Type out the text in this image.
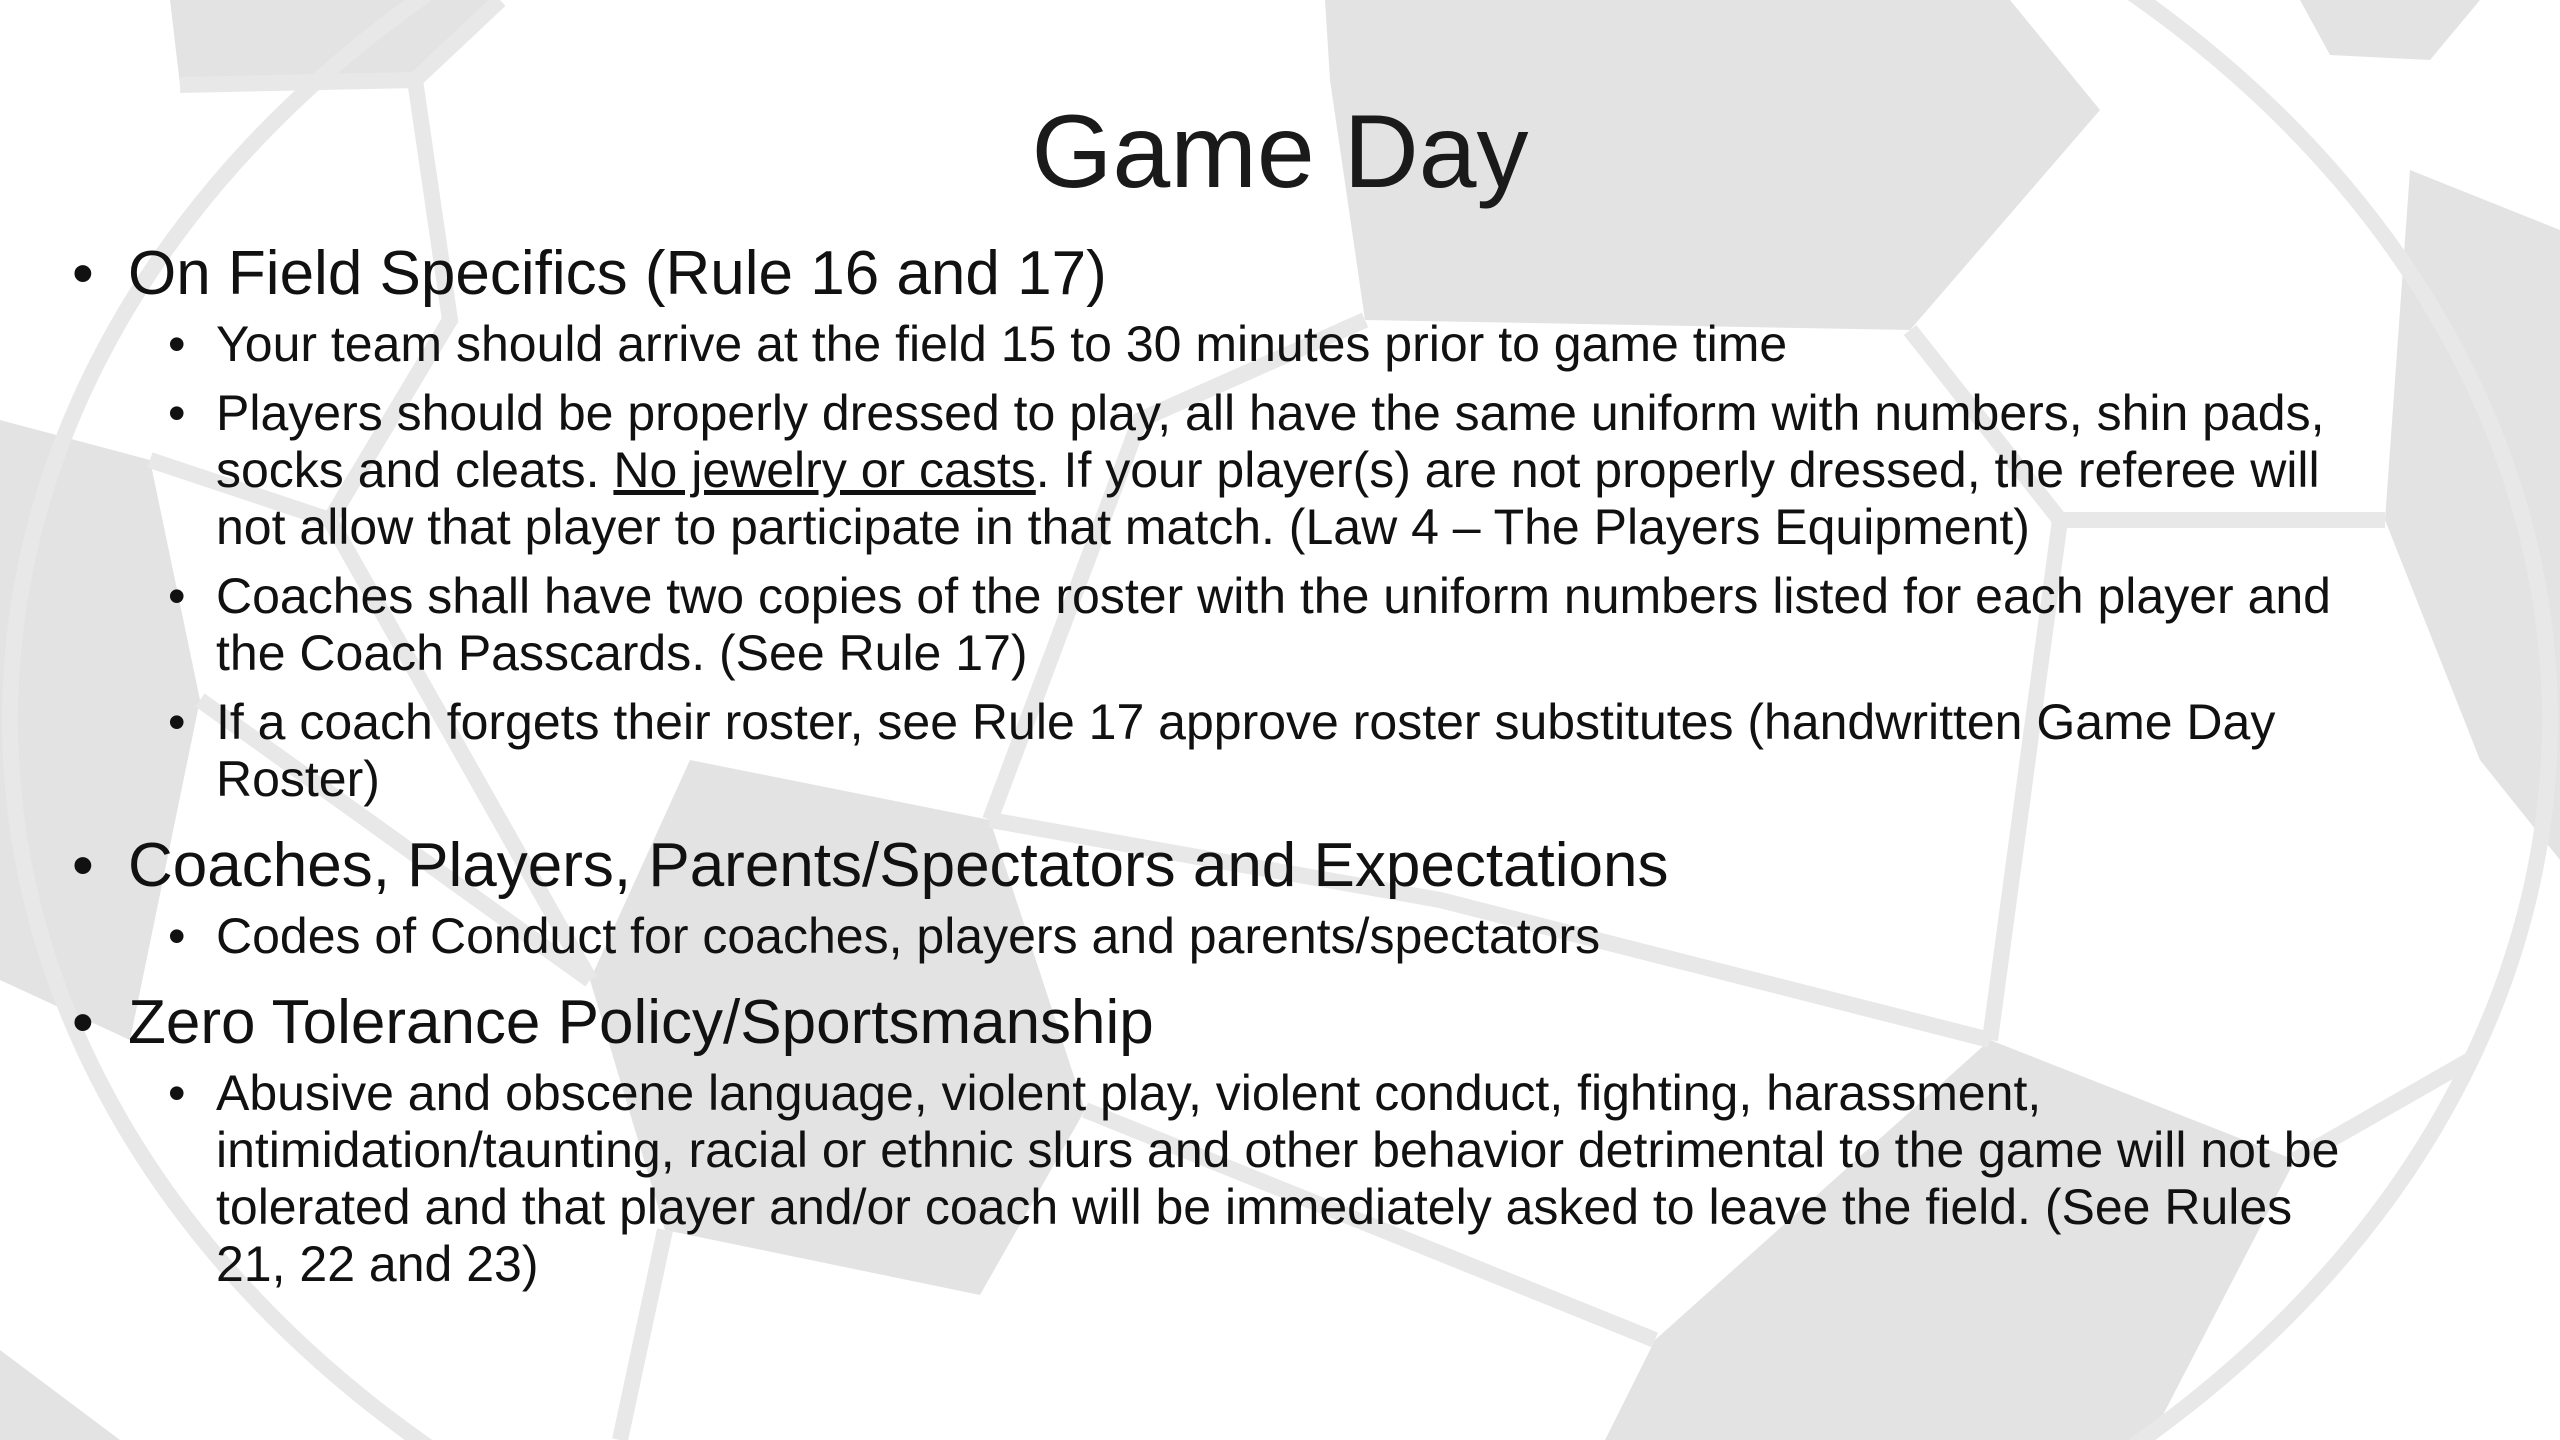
Game Day
• On Field Specifics (Rule 16 and 17)
• Your team should arrive at the field 15 to 30 minutes prior to game time
• Players should be properly dressed to play, all have the same uniform with numbers, shin pads, socks and cleats. No jewelry or casts. If your player(s) are not properly dressed, the referee will not allow that player to participate in that match. (Law 4 – The Players Equipment)
• Coaches shall have two copies of the roster with the uniform numbers listed for each player and the Coach Passcards. (See Rule 17)
• If a coach forgets their roster, see Rule 17 approve roster substitutes (handwritten Game Day Roster)
• Coaches, Players, Parents/Spectators and Expectations
• Codes of Conduct for coaches, players and parents/spectators
• Zero Tolerance Policy/Sportsmanship
• Abusive and obscene language, violent play, violent conduct, fighting, harassment, intimidation/taunting, racial or ethnic slurs and other behavior detrimental to the game will not be tolerated and that player and/or coach will be immediately asked to leave the field. (See Rules 21, 22 and 23)
